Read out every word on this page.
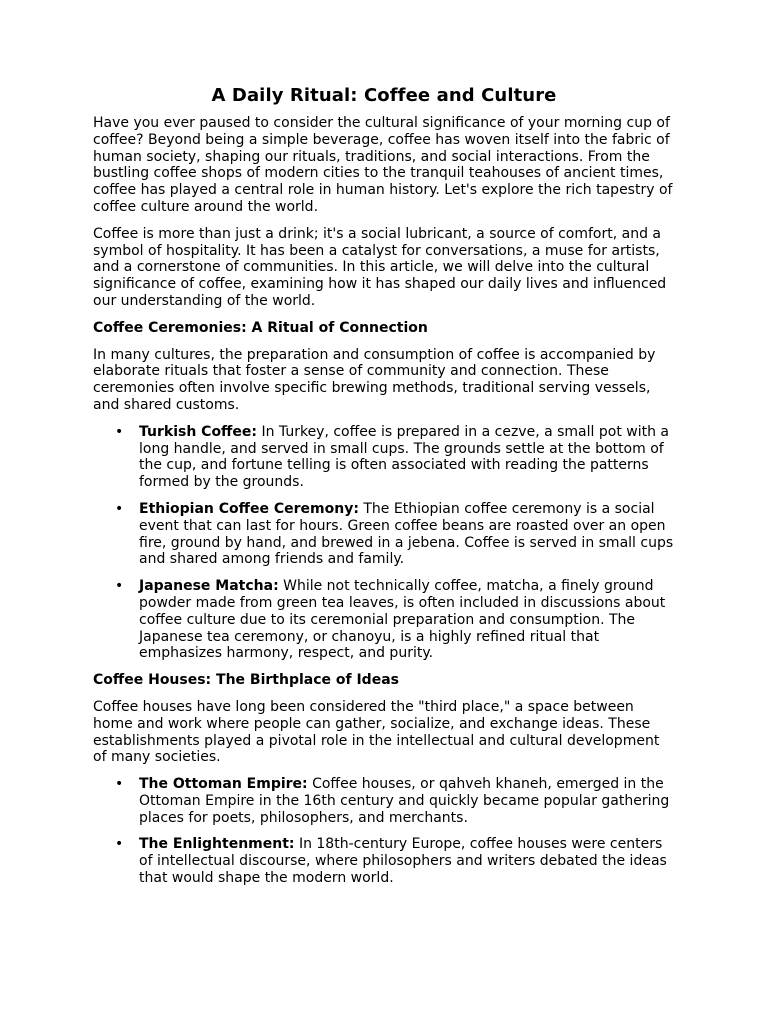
A Daily Ritual: Coffee and Culture

Have you ever paused to consider the cultural significance of your morning cup of coffee? Beyond being a simple beverage, coffee has woven itself into the fabric of human society, shaping our rituals, traditions, and social interactions. From the bustling coffee shops of modern cities to the tranquil teahouses of ancient times, coffee has played a central role in human history. Let's explore the rich tapestry of coffee culture around the world.

Coffee is more than just a drink; it's a social lubricant, a source of comfort, and a symbol of hospitality. It has been a catalyst for conversations, a muse for artists, and a cornerstone of communities. In this article, we will delve into the cultural significance of coffee, examining how it has shaped our daily lives and influenced our understanding of the world.

Coffee Ceremonies: A Ritual of Connection

In many cultures, the preparation and consumption of coffee is accompanied by elaborate rituals that foster a sense of community and connection. These ceremonies often involve specific brewing methods, traditional serving vessels, and shared customs.

• Turkish Coffee: In Turkey, coffee is prepared in a cezve, a small pot with a long handle, and served in small cups. The grounds settle at the bottom of the cup, and fortune telling is often associated with reading the patterns formed by the grounds.
• Ethiopian Coffee Ceremony: The Ethiopian coffee ceremony is a social event that can last for hours. Green coffee beans are roasted over an open fire, ground by hand, and brewed in a jebena. Coffee is served in small cups and shared among friends and family.
• Japanese Matcha: While not technically coffee, matcha, a finely ground powder made from green tea leaves, is often included in discussions about coffee culture due to its ceremonial preparation and consumption. The Japanese tea ceremony, or chanoyu, is a highly refined ritual that emphasizes harmony, respect, and purity.
Coffee Houses: The Birthplace of Ideas

Coffee houses have long been considered the "third place," a space between home and work where people can gather, socialize, and exchange ideas. These establishments played a pivotal role in the intellectual and cultural development of many societies.

• The Ottoman Empire: Coffee houses, or qahveh khaneh, emerged in the Ottoman Empire in the 16th century and quickly became popular gathering places for poets, philosophers, and merchants.
• The Enlightenment: In 18th-century Europe, coffee houses were centers of intellectual discourse, where philosophers and writers debated the ideas that would shape the modern world.
